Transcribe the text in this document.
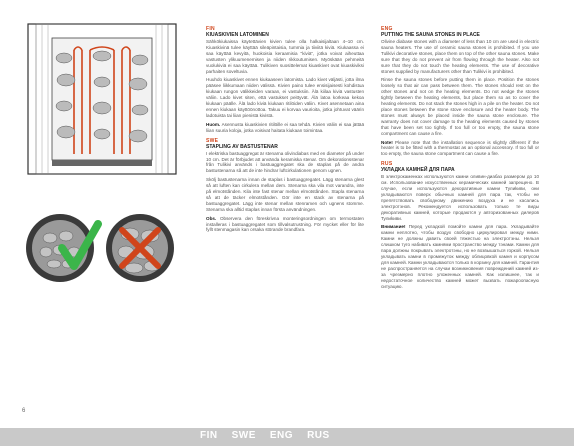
6
FIN
KIUASKIVIEN LATOMINEN

Sähkökiukaissa käytettävien kivien tulee olla halkaisijaltaan 4–10 cm. Kiuaskivinä tulee käyttää sileäpintaisia, tummia ja tiiviitä kiviä. Kiukaassa ei saa käyttää kevyitä, huokoisia keraamisia "kiviä", jotka voivat aiheuttaa vastusten ylikuumenemisen ja niiden rikkoutumisen. Myöskään pehmeitä vuolukiviä ei saa käyttää. Tulikiven suosittelemat kiuaskivet ovat kiuaskiviksi parhaiten soveltuvia.

Huuhdo kiuaskivet ennen kiukaaseen latomista. Lado kivet väljästi, jotta ilma pääsee liikkumaan niiden välissä. Kivien paino tulee ensisijaisesti kohdistua kiukaan rungon välikkeiden varaan, ei vastuksiin. Älä kiilaa kiviä vastusten väliin. Lado kivet siten, että vastukset peittyvät. Älä latoa korkeaa kekoa kiukaan päälle. Älä lado kiviä kiukaan ritilöiden väliin. Kivet asennetaan aina ennen kiukaan käyttöönottoa. Takuu ei korvaa vaurioita, jotka johtuvat väärin ladotuista tai liian pienistä kivistä.

Huom. Asennusta kiuaskivien ritilöille ei saa tehdä. Kivien väliin ei saa jättää liian suuria koloja, jotka voisivat haitata kiukaan toimintaa.

SWE
STAPLING AV BASTUSTENAR

I elektriska bastuaggregat är stenarna olivindiabas med en diameter på under 10 cm. Det är förbjudet att använda keramiska stenar. Om dekorationsstenar från Tulikivi används i bastuaggregatet ska de staplas på de andra bastustenarna så att de inte hindrar luftcirkulationen genom ugnen.

Skölj bastustenarna innan de staplas i bastuaggregatet. Lägg stenarna glest så att luften kan cirkulera mellan dem. Stenarna ska vila mot varandra, inte på elmotstånden. Kila inte fast stenar mellan elmotstånden. Stapla stenarna så att de täcker elmotstånden. Gör inte en stack av stenarna på bastuaggregatet. Lägg inte stenar mellan stenramen och ugnens stomme. Stenarna ska alltid staplas innan första användningen.

Obs. Observera den föreskrivna monteringsordningen om termostaten installeras i bastuaggregatet som tillvalsutrustning. För mycket eller för lite fyllt stenmagasin kan orsaka störande brandfara.

ENG
PUTTING THE SAUNA STONES IN PLACE

Olivine diabase stones with a diameter of less than 10 cm are used in electric sauna heaters. The use of ceramic sauna stones is prohibited. If you use Tulikivi decorative stones, place them on top of the other sauna stones. Make sure that they do not prevent air from flowing through the heater. Also not sure that they do not touch the heating elements. The use of decorative stones supplied by manufacturers other than Tulikivi is prohibited.

Rinse the sauna stones before putting them in place. Position the stones loosely so that air can pass between them. The stones should rest on the other stones and not on the heating elements. Do not wedge the stones tightly between the heating elements, but place them so as to cover the heating elements. Do not stack the stones high in a pile on the heater. Do not place stones between the stone stove enclosure and the heater body. The stones must always be placed inside the sauna stone enclosure. The warranty does not cover damage to the heating elements caused by stones that have been set too tightly. If too full or too empty, the sauna stone compartment can cause a fire.

Note! Please note that the installation sequence is slightly different if the heater is to be fitted with a thermostat as an optional accessory. If too full or too empty, the sauna stone compartment can cause a fire.

RUS
УКЛАДКА КАМНЕЙ ДЛЯ ПАРА

В электрокаменках используются камни оливин-диабаз размером до 10 см. Использование искусственных керамических камней запрещено. В случае, если используются декоративные камни Тулиkиви, они укладываются поверх обычных камней для пара так, чтобы не препятствовать свободному движению воздуха и не касались электротэнов. Рекомендуется использовать только те виды декоративных камней, которые продаются у авторизованных дилеров Тулиkиви.

Внимание! Перед укладкой помойте камни для пара. Укладывайте камни неплотно, чтобы воздух свободно циркулировал между ними. Камни не должны давить своей тяжестью на электротэны. Нельзя слишком туго набивать камнями пространство между тэнами. Камни для пара должны покрывать электротэны, но не возвышаться горкой. Нельзя укладывать камни в промежуток между облицовкой камня и корпусом для камней. Камни укладываются только в корзину для камней. Гарантия не распространяется на случаи возникновения повреждений камней из-за чрезмерно плотно уложенных камней. Как излишнее, так и недостаточное количество камней может вызвать пожароопасную ситуацию.

FIN SWE ENG RUS
